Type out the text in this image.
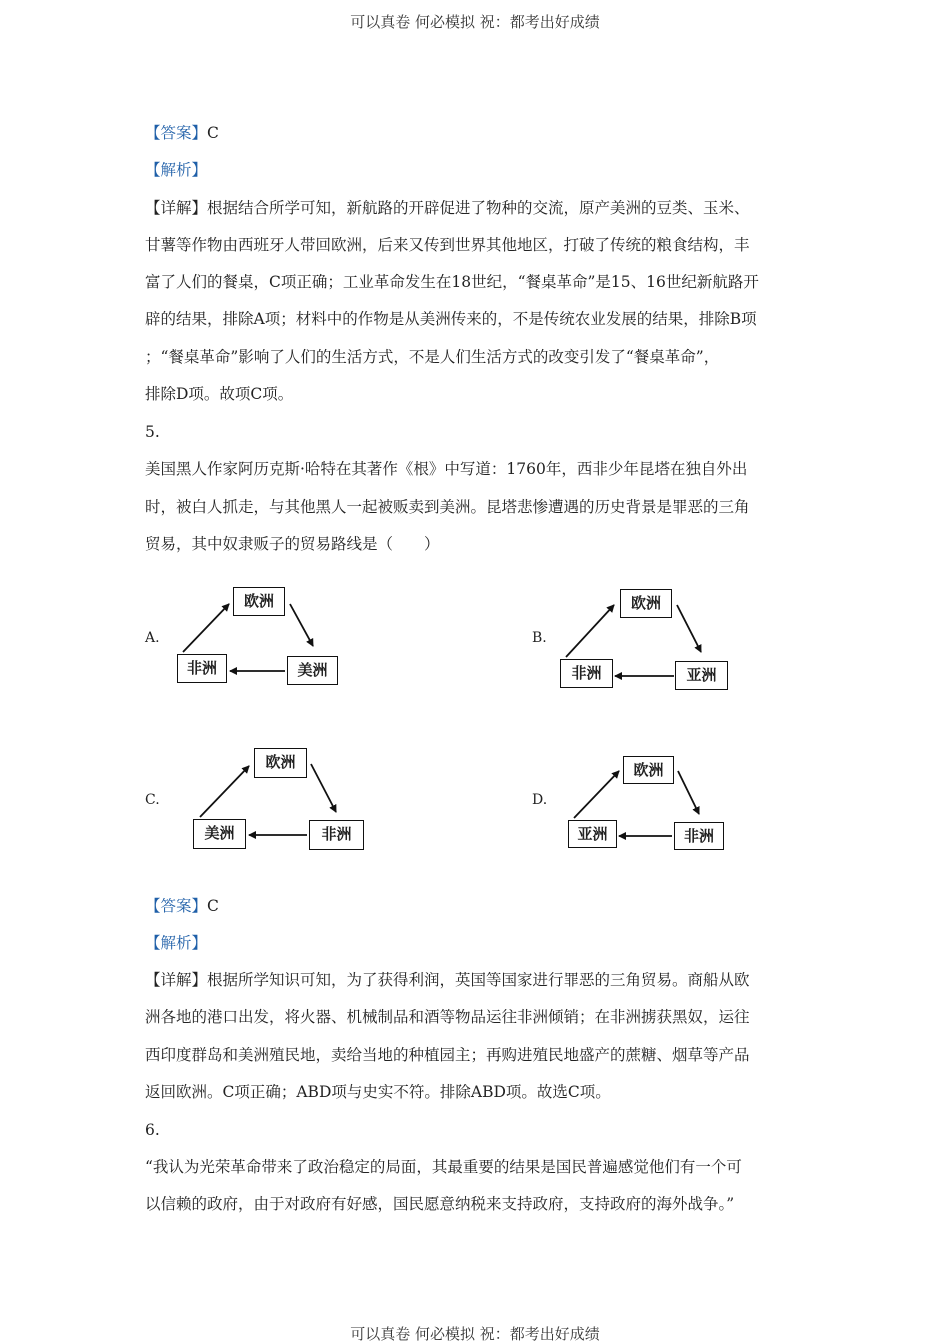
可以真卷 何必模拟 祝：都考出好成绩
【答案】C
【解析】
【详解】根据结合所学可知，新航路的开辟促进了物种的交流，原产美洲的豆类、玉米、
甘薯等作物由西班牙人带回欧洲，后来又传到世界其他地区，打破了传统的粮食结构，丰
富了人们的餐桌，C项正确；工业革命发生在18世纪，“餐桌革命”是15、16世纪新航路开
辟的结果，排除A项；材料中的作物是从美洲传来的，不是传统农业发展的结果，排除B项
；“餐桌革命”影响了人们的生活方式，不是人们生活方式的改变引发了“餐桌革命”，
排除D项。故项C项。
5.
美国黑人作家阿历克斯·哈特在其著作《根》中写道：1760年，西非少年昆塔在独自外出
时，被白人抓走，与其他黑人一起被贩卖到美洲。昆塔悲惨遭遇的历史背景是罪恶的三角
贸易，其中奴隶贩子的贸易路线是（　　）
A.	B.
C.	D.
欧洲
非洲	美洲
欧洲
非洲	亚洲
欧洲
美洲	非洲
欧洲
亚洲	非洲
【答案】C
【解析】
【详解】根据所学知识可知，为了获得利润，英国等国家进行罪恶的三角贸易。商船从欧
洲各地的港口出发，将火器、机械制品和酒等物品运往非洲倾销；在非洲掳获黑奴，运往
西印度群岛和美洲殖民地，卖给当地的种植园主；再购进殖民地盛产的蔗糖、烟草等产品
返回欧洲。C项正确；ABD项与史实不符。排除ABD项。故选C项。
6.
“我认为光荣革命带来了政治稳定的局面，其最重要的结果是国民普遍感觉他们有一个可
以信赖的政府，由于对政府有好感，国民愿意纳税来支持政府，支持政府的海外战争。”
可以真卷 何必模拟 祝：都考出好成绩
